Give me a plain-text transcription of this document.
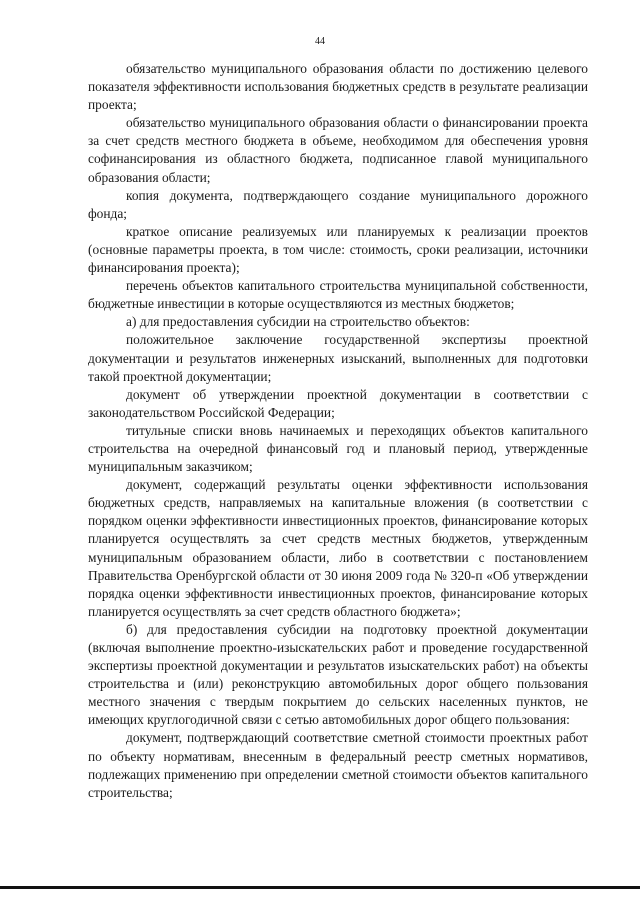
44

обязательство муниципального образования области по достижению целевого показателя эффективности использования бюджетных средств в результате реализации проекта;

обязательство муниципального образования области о финансировании проекта за счет средств местного бюджета в объеме, необходимом для обеспечения уровня софинансирования из областного бюджета, подписанное главой муниципального образования области;

копия документа, подтверждающего создание муниципального дорожного фонда;

краткое описание реализуемых или планируемых к реализации проектов (основные параметры проекта, в том числе: стоимость, сроки реализации, источники финансирования проекта);

перечень объектов капитального строительства муниципальной собственности, бюджетные инвестиции в которые осуществляются из местных бюджетов;

а) для предоставления субсидии на строительство объектов:

положительное заключение государственной экспертизы проектной документации и результатов инженерных изысканий, выполненных для подготовки такой проектной документации;

документ об утверждении проектной документации в соответствии с законодательством Российской Федерации;

титульные списки вновь начинаемых и переходящих объектов капитального строительства на очередной финансовый год и плановый период, утвержденные муниципальным заказчиком;

документ, содержащий результаты оценки эффективности использования бюджетных средств, направляемых на капитальные вложения (в соответствии с порядком оценки эффективности инвестиционных проектов, финансирование которых планируется осуществлять за счет средств местных бюджетов, утвержденным муниципальным образованием области, либо в соответствии с постановлением Правительства Оренбургской области от 30 июня 2009 года № 320-п «Об утверждении порядка оценки эффективности инвестиционных проектов, финансирование которых планируется осуществлять за счет средств областного бюджета»;

б) для предоставления субсидии на подготовку проектной документации (включая выполнение проектно-изыскательских работ и проведение государственной экспертизы проектной документации и результатов изыскательских работ) на объекты строительства и (или) реконструкцию автомобильных дорог общего пользования местного значения с твердым покрытием до сельских населенных пунктов, не имеющих круглогодичной связи с сетью автомобильных дорог общего пользования:

документ, подтверждающий соответствие сметной стоимости проектных работ по объекту нормативам, внесенным в федеральный реестр сметных нормативов, подлежащих применению при определении сметной стоимости объектов капитального строительства;
